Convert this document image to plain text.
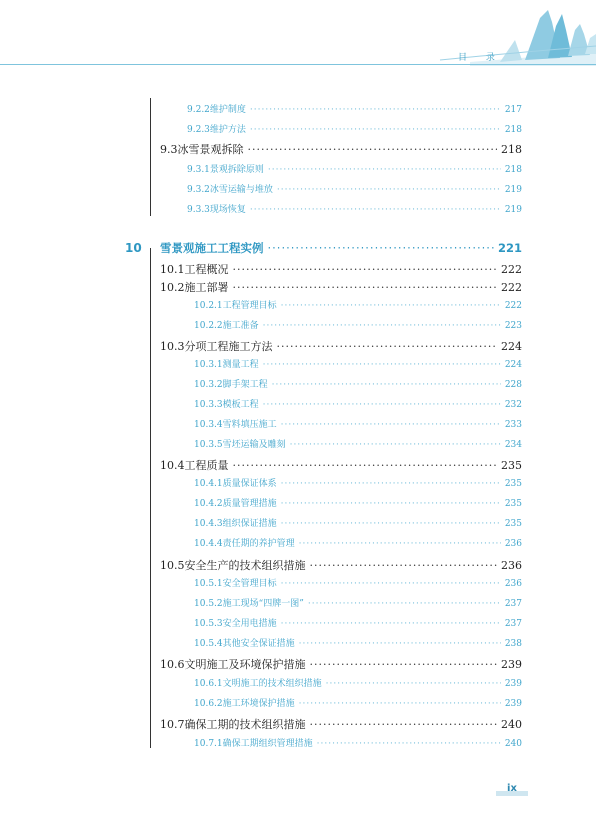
目 录
9.2.2 维护制度 ·····	217
9.2.3 维护方法 ·····	218
9.3 冰雪景观拆除 ·····	218
9.3.1 景观拆除原则 ·····	218
9.3.2 冰雪运输与堆放 ·····	219
9.3.3 现场恢复 ·····	219
10 雪景观施工工程实例 ·····	221
10.1 工程概况 ·····	222
10.2 施工部署 ·····	222
10.2.1 工程管理目标 ·····	222
10.2.2 施工准备 ·····	223
10.3 分项工程施工方法 ·····	224
10.3.1 测量工程 ·····	224
10.3.2 脚手架工程 ·····	228
10.3.3 模板工程 ·····	232
10.3.4 雪料填压施工 ·····	233
10.3.5 雪坯运输及雕刻 ·····	234
10.4 工程质量 ·····	235
10.4.1 质量保证体系 ·····	235
10.4.2 质量管理措施 ·····	235
10.4.3 组织保证措施 ·····	235
10.4.4 责任期的养护管理 ·····	236
10.5 安全生产的技术组织措施 ·····	236
10.5.1 安全管理目标 ·····	236
10.5.2 施工现场“四牌一图” ·····	237
10.5.3 安全用电措施 ·····	237
10.5.4 其他安全保证措施 ·····	238
10.6 文明施工及环境保护措施 ·····	239
10.6.1 文明施工的技术组织措施 ·····	239
10.6.2 施工环境保护措施 ·····	239
10.7 确保工期的技术组织措施 ·····	240
10.7.1 确保工期组织管理措施 ·····	240
ix
